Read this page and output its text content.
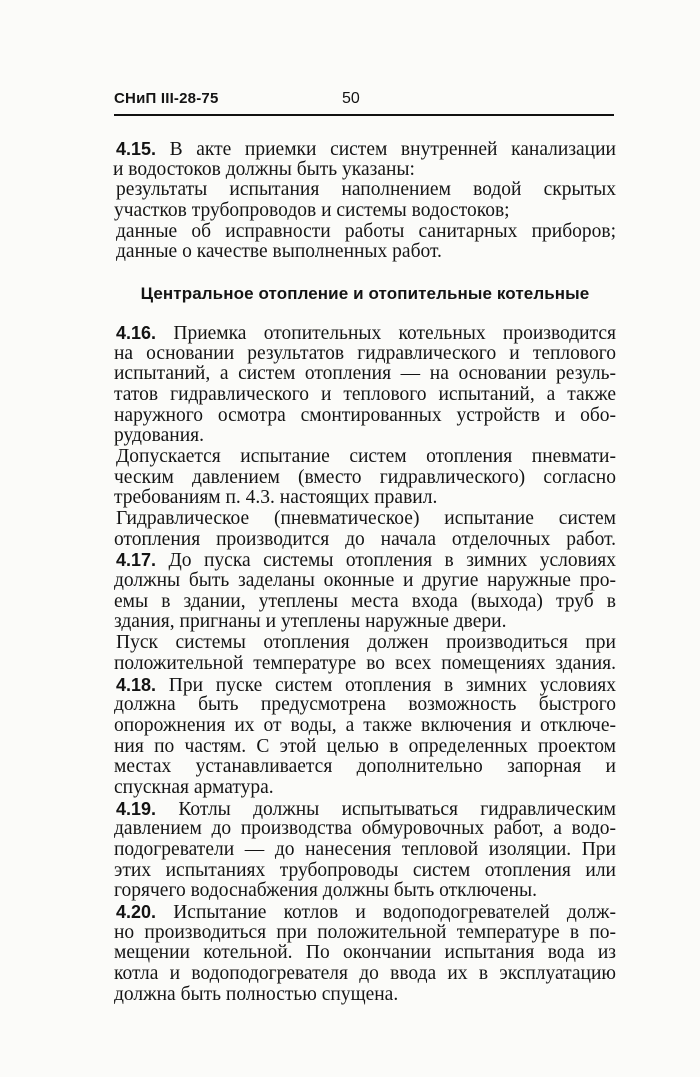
СНиП III-28-75	50
4.15. В акте приемки систем внутренней канализации
и водостоков должны быть указаны:
результаты испытания наполнением водой скрытых
участков трубопроводов и системы водостоков;
данные об исправности работы санитарных приборов;
данные о качестве выполненных работ.
Центральное отопление и отопительные котельные
4.16. Приемка отопительных котельных производится
на основании результатов гидравлического и теплового
испытаний, а систем отопления — на основании резуль-
татов гидравлического и теплового испытаний, а также
наружного осмотра смонтированных устройств и обо-
рудования.
Допускается испытание систем отопления пневмати-
ческим давлением (вместо гидравлического) согласно
требованиям п. 4.3. настоящих правил.
Гидравлическое (пневматическое) испытание систем
отопления производится до начала отделочных работ.
4.17. До пуска системы отопления в зимних условиях
должны быть заделаны оконные и другие наружные про-
емы в здании, утеплены места входа (выхода) труб в
здания, пригнаны и утеплены наружные двери.
Пуск системы отопления должен производиться при
положительной температуре во всех помещениях здания.
4.18. При пуске систем отопления в зимних условиях
должна быть предусмотрена возможность быстрого
опорожнения их от воды, а также включения и отключе-
ния по частям. С этой целью в определенных проектом
местах устанавливается дополнительно запорная и
спускная арматура.
4.19. Котлы должны испытываться гидравлическим
давлением до производства обмуровочных работ, а водо-
подогреватели — до нанесения тепловой изоляции. При
этих испытаниях трубопроводы систем отопления или
горячего водоснабжения должны быть отключены.
4.20. Испытание котлов и водоподогревателей долж-
но производиться при положительной температуре в по-
мещении котельной. По окончании испытания вода из
котла и водоподогревателя до ввода их в эксплуатацию
должна быть полностью спущена.
